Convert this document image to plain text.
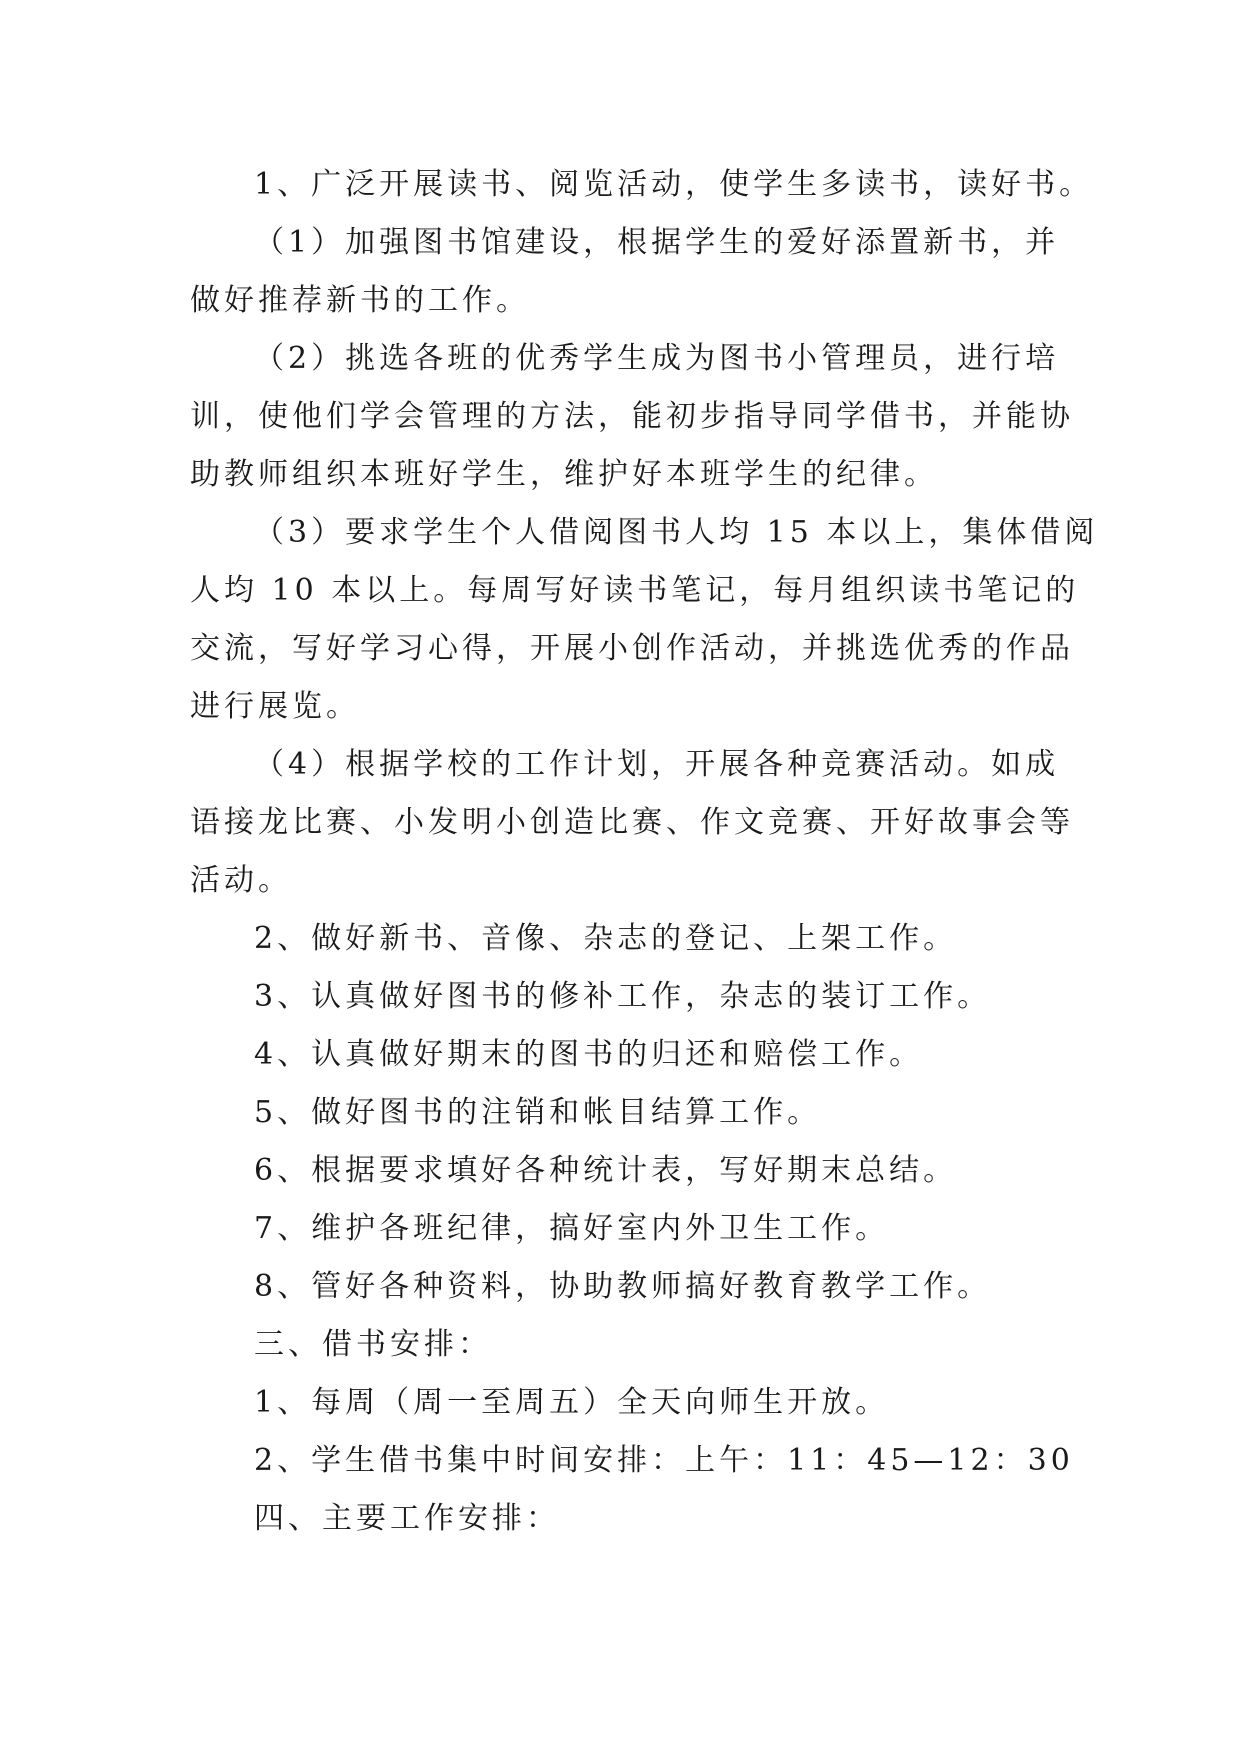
1、广泛开展读书、阅览活动，使学生多读书，读好书。

（1）加强图书馆建设，根据学生的爱好添置新书，并
做好推荐新书的工作。

（2）挑选各班的优秀学生成为图书小管理员，进行培
训，使他们学会管理的方法，能初步指导同学借书，并能协
助教师组织本班好学生，维护好本班学生的纪律。

（3）要求学生个人借阅图书人均 15 本以上，集体借阅
人均 10 本以上。每周写好读书笔记，每月组织读书笔记的
交流，写好学习心得，开展小创作活动，并挑选优秀的作品
进行展览。

（4）根据学校的工作计划，开展各种竞赛活动。如成
语接龙比赛、小发明小创造比赛、作文竞赛、开好故事会等
活动。

2、做好新书、音像、杂志的登记、上架工作。

3、认真做好图书的修补工作，杂志的装订工作。

4、认真做好期末的图书的归还和赔偿工作。

5、做好图书的注销和帐目结算工作。

6、根据要求填好各种统计表，写好期末总结。

7、维护各班纪律，搞好室内外卫生工作。

8、管好各种资料，协助教师搞好教育教学工作。

三、借书安排：

1、每周（周一至周五）全天向师生开放。

2、学生借书集中时间安排：上午：11：45—12：30

四、主要工作安排：
